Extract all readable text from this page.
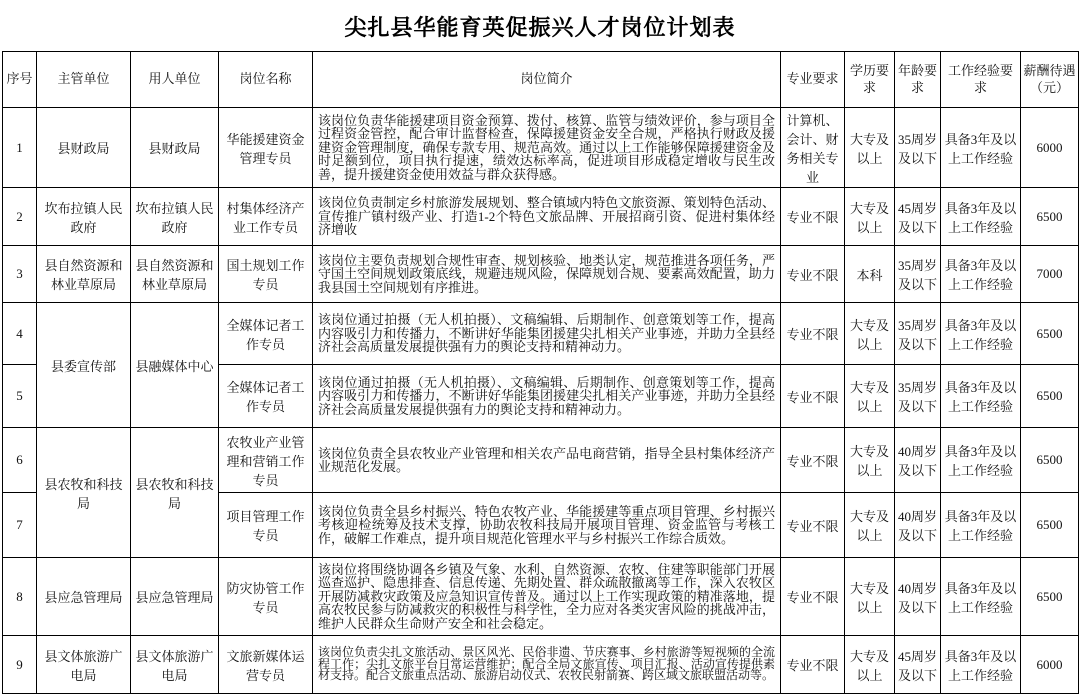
尖扎县华能育英促振兴人才岗位计划表
序号	主管单位	用人单位	岗位名称	岗位简介	专业要求	学历要求	年龄要求	工作经验要求	薪酬待遇（元）
1	县财政局	县财政局	华能援建资金管理专员	该岗位负责华能援建项目资金预算、拨付、核算、监管与绩效评价，参与项目全过程资金管控，配合审计监督检查，保障援建资金安全合规，严格执行财政及援建资金管理制度，确保专款专用、规范高效。通过以上工作能够保障援建资金及时足额到位，项目执行提速，绩效达标率高，促进项目形成稳定增收与民生改善，提升援建资金使用效益与群众获得感。	计算机、会计、财务相关专业	大专及以上	35周岁及以下	具备3年及以上工作经验	6000
2	坎布拉镇人民政府	坎布拉镇人民政府	村集体经济产业工作专员	该岗位负责制定乡村旅游发展规划、整合镇域内特色文旅资源、策划特色活动、宣传推广镇村级产业、打造1-2个特色文旅品牌、开展招商引资、促进村集体经济增收	专业不限	大专及以上	45周岁及以下	具备3年及以上工作经验	6500
3	县自然资源和林业草原局	县自然资源和林业草原局	国土规划工作专员	该岗位主要负责规划合规性审查、规划核验、地类认定，规范推进各项任务，严守国土空间规划政策底线，规避违规风险，保障规划合规、要素高效配置，助力我县国土空间规划有序推进。	专业不限	本科	35周岁及以下	具备3年及以上工作经验	7000
4	县委宣传部	县融媒体中心	全媒体记者工作专员	该岗位通过拍摄（无人机拍摄）、文稿编辑、后期制作、创意策划等工作，提高内容吸引力和传播力，不断讲好华能集团援建尖扎相关产业事迹，并助力全县经济社会高质量发展提供强有力的舆论支持和精神动力。	专业不限	大专及以上	35周岁及以下	具备3年及以上工作经验	6500
5			全媒体记者工作专员	该岗位通过拍摄（无人机拍摄）、文稿编辑、后期制作、创意策划等工作，提高内容吸引力和传播力，不断讲好华能集团援建尖扎相关产业事迹，并助力全县经济社会高质量发展提供强有力的舆论支持和精神动力。	专业不限	大专及以上	35周岁及以下	具备3年及以上工作经验	6500
6	县农牧和科技局	县农牧和科技局	农牧业产业管理和营销工作专员	该岗位负责全县农牧业产业管理和相关农产品电商营销，指导全县村集体经济产业规范化发展。	专业不限	大专及以上	40周岁及以下	具备3年及以上工作经验	6500
7			项目管理工作专员	该岗位负责全县乡村振兴、特色农牧产业、华能援建等重点项目管理、乡村振兴考核迎检统筹及技术支撑，协助农牧科技局开展项目管理、资金监管与考核工作，破解工作难点，提升项目规范化管理水平与乡村振兴工作综合质效。	专业不限	大专及以上	40周岁及以下	具备3年及以上工作经验	6500
8	县应急管理局	县应急管理局	防灾协管工作专员	该岗位将围绕协调各乡镇及气象、水利、自然资源、农牧、住建等职能部门开展巡查巡护、隐患排查、信息传递、先期处置、群众疏散撤离等工作，深入农牧区开展防减救灾政策及应急知识宣传普及。通过以上工作实现政策的精准落地，提高农牧民参与防减救灾的积极性与科学性，全力应对各类灾害风险的挑战冲击，维护人民群众生命财产安全和社会稳定。	专业不限	大专及以上	40周岁及以下	具备3年及以上工作经验	6500
9	县文体旅游广电局	县文体旅游广电局	文旅新媒体运营专员	该岗位负责尖扎文旅活动、景区风光、民俗非遗、节庆赛事、乡村旅游等短视频的全流程工作；尖扎文旅平台日常运营维护；配合全局文旅宣传、项目汇报、活动宣传提供素材支持。配合文旅重点活动、旅游启动仪式、农牧民射箭赛、跨区域文旅联盟活动等。	专业不限	大专及以上	45周岁及以下	具备3年及以上工作经验	6000
